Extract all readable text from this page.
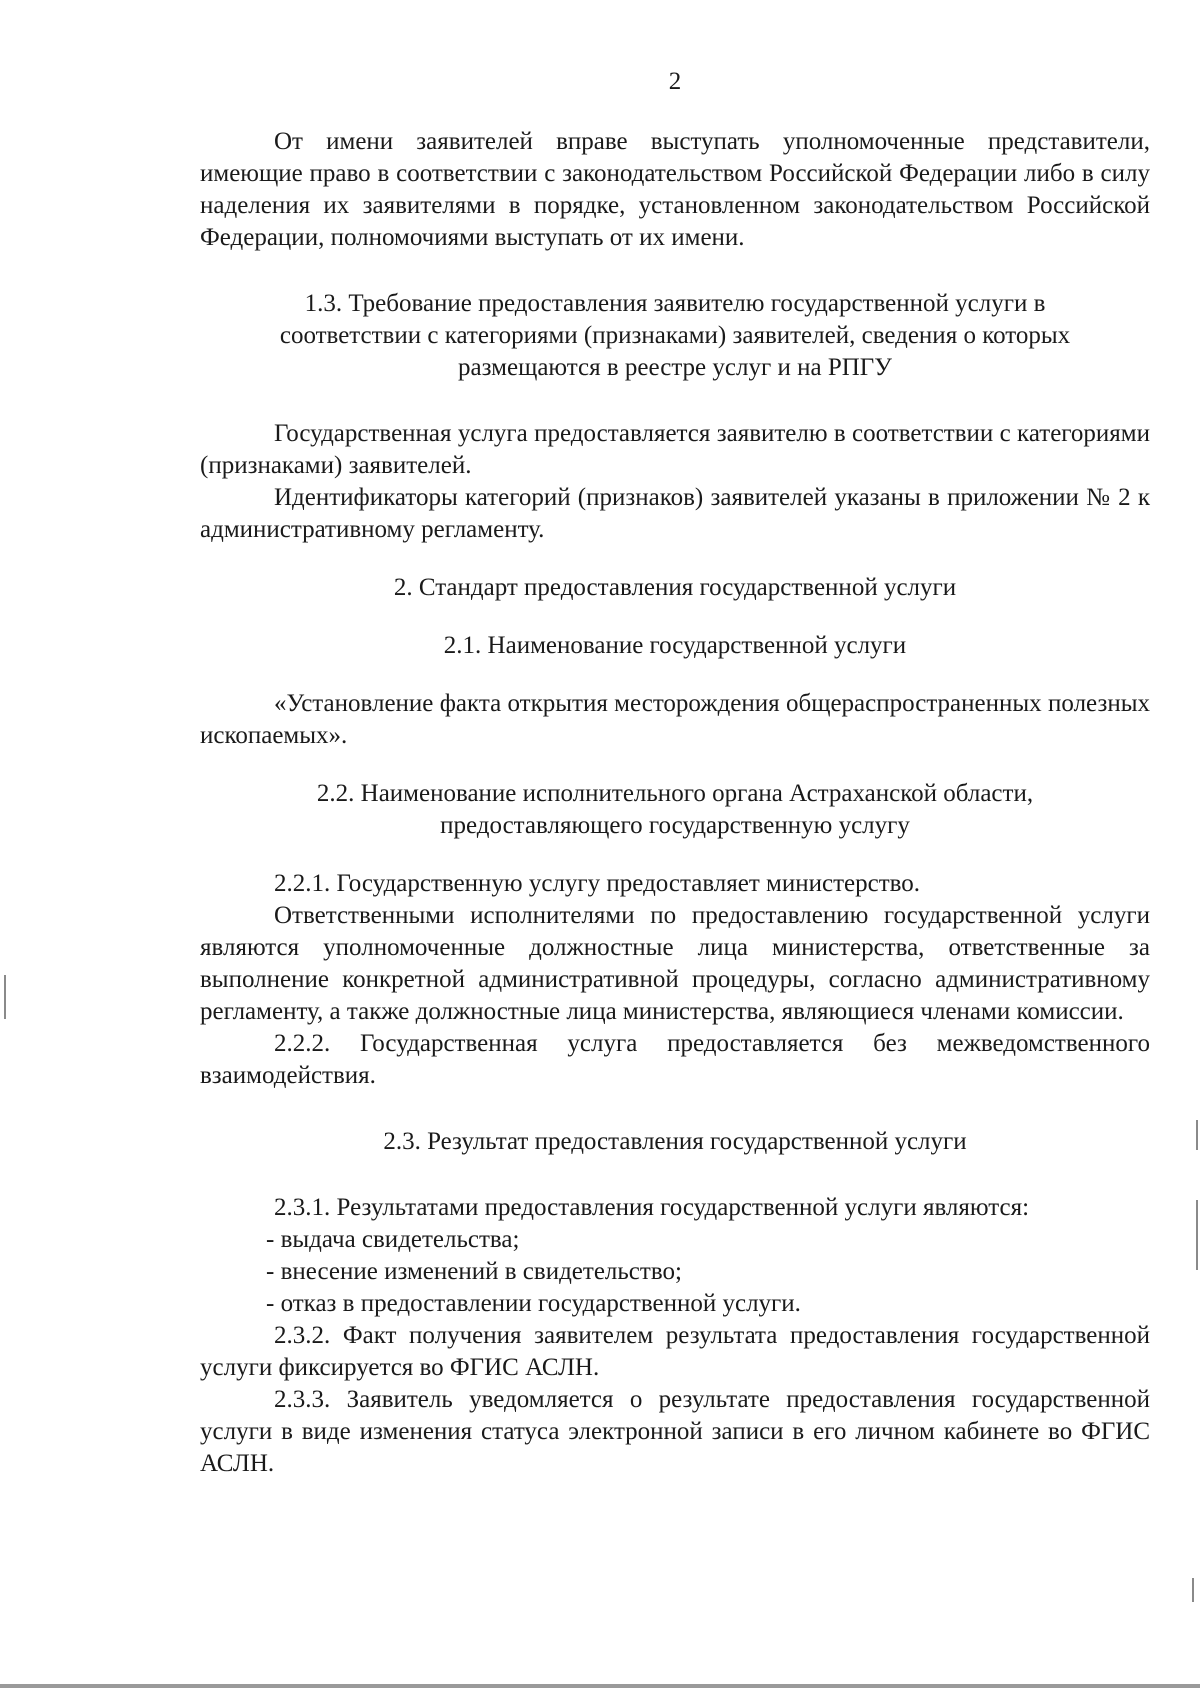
2

От имени заявителей вправе выступать уполномоченные представители, имеющие право в соответствии с законодательством Российской Федерации либо в силу наделения их заявителями в порядке, установленном законодательством Российской Федерации, полномочиями выступать от их имени.

1.3. Требование предоставления заявителю государственной услуги в

соответствии с категориями (признаками) заявителей, сведения о которых

размещаются в реестре услуг и на РПГУ

Государственная услуга предоставляется заявителю в соответствии с категориями (признаками) заявителей.

Идентификаторы категорий (признаков) заявителей указаны в приложении № 2 к административному регламенту.

2. Стандарт предоставления государственной услуги

2.1. Наименование государственной услуги

«Установление факта открытия месторождения общераспространенных полезных ископаемых».

2.2. Наименование исполнительного органа Астраханской области,

предоставляющего государственную услугу

2.2.1. Государственную услугу предоставляет министерство.

Ответственными исполнителями по предоставлению государственной услуги являются уполномоченные должностные лица министерства, ответственные за выполнение конкретной административной процедуры, согласно административному регламенту, а также должностные лица министерства, являющиеся членами комиссии.

2.2.2. Государственная услуга предоставляется без межведомственного взаимодействия.

2.3. Результат предоставления государственной услуги

2.3.1. Результатами предоставления государственной услуги являются:

- выдача свидетельства;

- внесение изменений в свидетельство;

- отказ в предоставлении государственной услуги.

2.3.2. Факт получения заявителем результата предоставления государственной услуги фиксируется во ФГИС АСЛН.

2.3.3. Заявитель уведомляется о результате предоставления государственной услуги в виде изменения статуса электронной записи в его личном кабинете во ФГИС АСЛН.
